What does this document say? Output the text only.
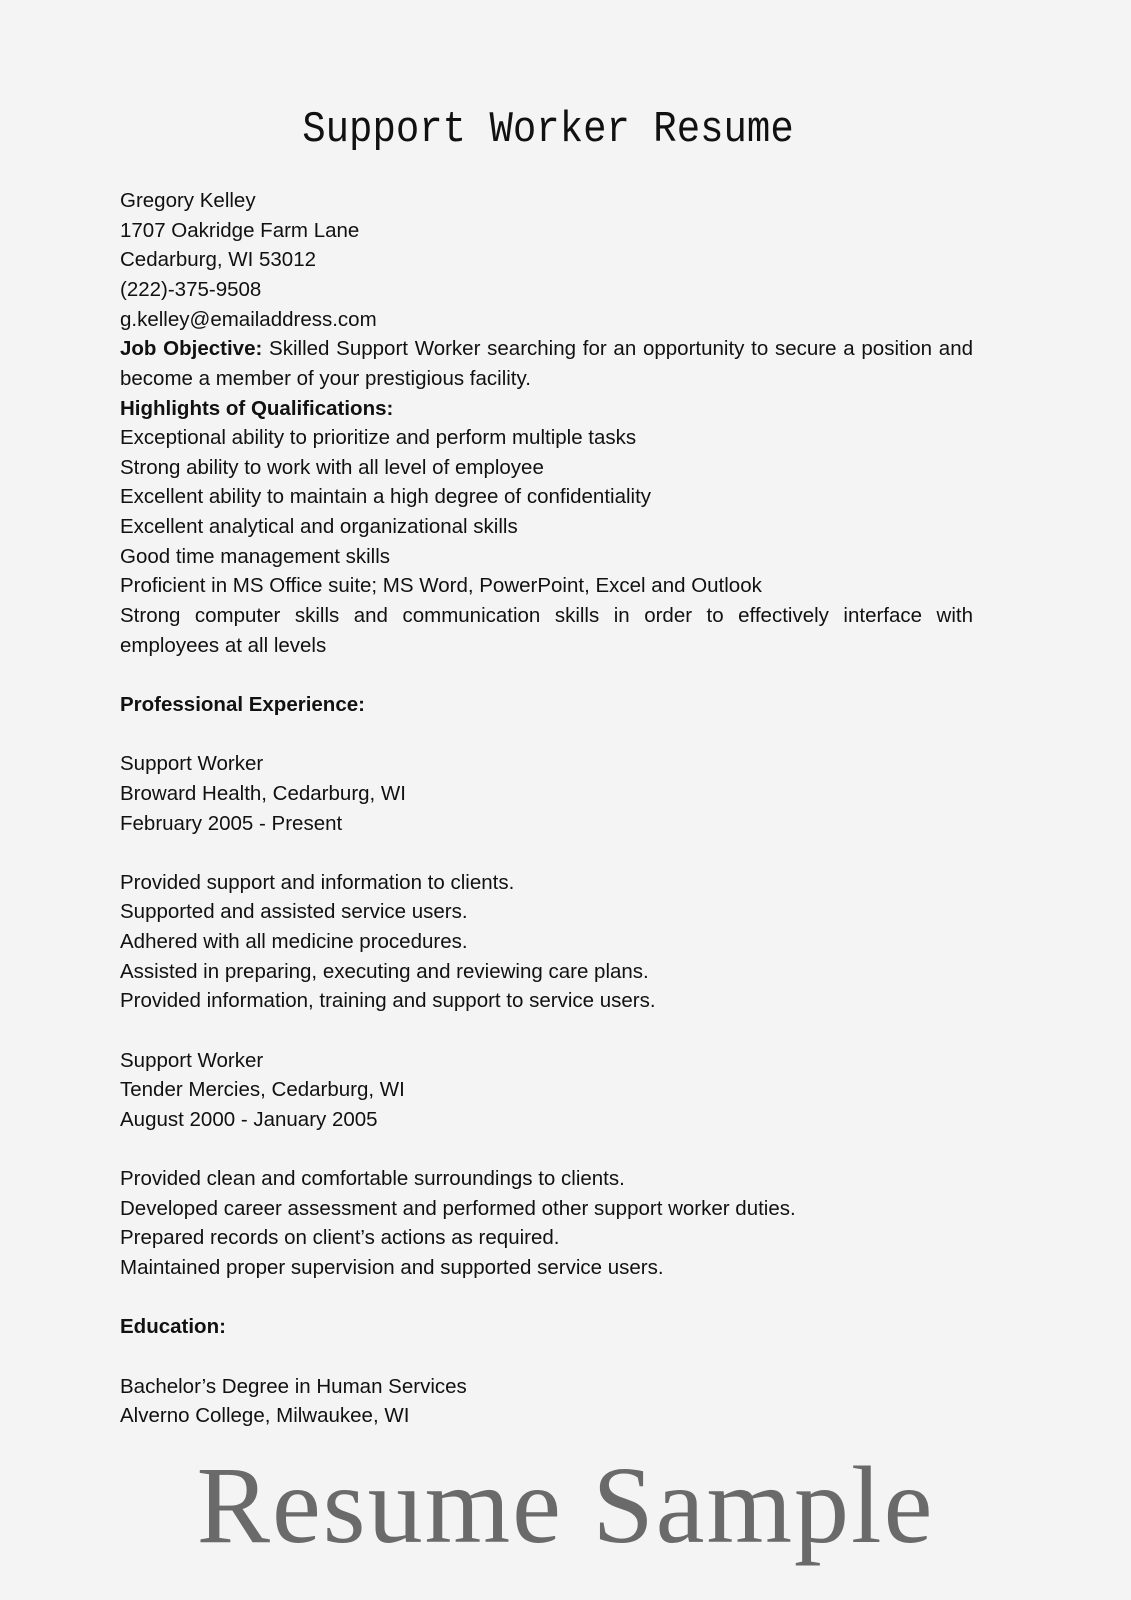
Support Worker Resume
Gregory Kelley
1707 Oakridge Farm Lane
Cedarburg, WI 53012
(222)-375-9508
g.kelley@emailaddress.com
Job Objective: Skilled Support Worker searching for an opportunity to secure a position and become a member of your prestigious facility.
Highlights of Qualifications:
Exceptional ability to prioritize and perform multiple tasks
Strong ability to work with all level of employee
Excellent ability to maintain a high degree of confidentiality
Excellent analytical and organizational skills
Good time management skills
Proficient in MS Office suite; MS Word, PowerPoint, Excel and Outlook
Strong computer skills and communication skills in order to effectively interface with employees at all levels
Professional Experience:
Support Worker
Broward Health, Cedarburg, WI
February 2005 - Present
Provided support and information to clients.
Supported and assisted service users.
Adhered with all medicine procedures.
Assisted in preparing, executing and reviewing care plans.
Provided information, training and support to service users.
Support Worker
Tender Mercies, Cedarburg, WI
August 2000 - January 2005
Provided clean and comfortable surroundings to clients.
Developed career assessment and performed other support worker duties.
Prepared records on client’s actions as required.
Maintained proper supervision and supported service users.
Education:
Bachelor’s Degree in Human Services
Alverno College, Milwaukee, WI
Resume Sample
